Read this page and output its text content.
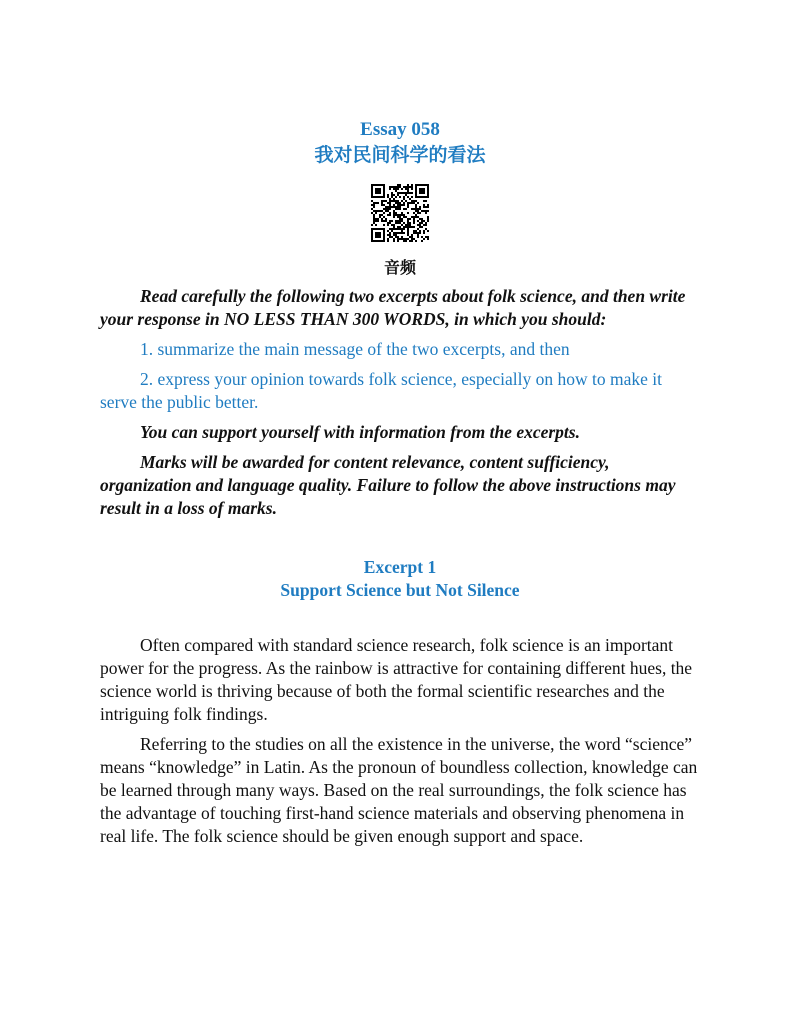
Essay 058
我对民间科学的看法
音频

Read carefully the following two excerpts about folk science, and then write your response in NO LESS THAN 300 WORDS, in which you should:

1. summarize the main message of the two excerpts, and then

2. express your opinion towards folk science, especially on how to make it serve the public better.

You can support yourself with information from the excerpts.

Marks will be awarded for content relevance, content sufficiency, organization and language quality. Failure to follow the above instructions may result in a loss of marks.

Excerpt 1
Support Science but Not Silence

Often compared with standard science research, folk science is an important power for the progress. As the rainbow is attractive for containing different hues, the science world is thriving because of both the formal scientific researches and the intriguing folk findings.

Referring to the studies on all the existence in the universe, the word “science” means “knowledge” in Latin. As the pronoun of boundless collection, knowledge can be learned through many ways. Based on the real surroundings, the folk science has the advantage of touching first-hand science materials and observing phenomena in real life. The folk science should be given enough support and space.
